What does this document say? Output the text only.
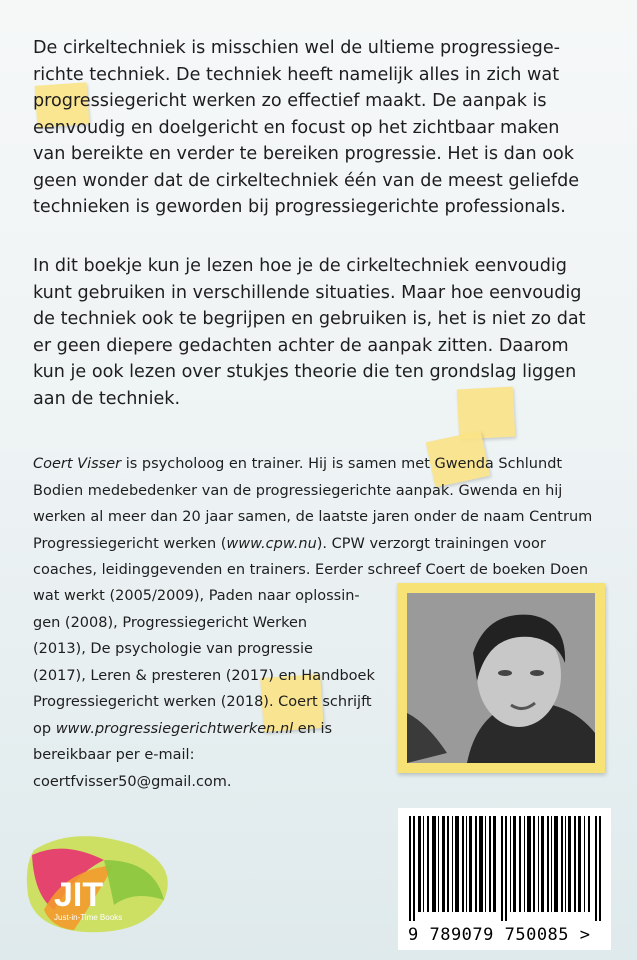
De cirkeltechniek is misschien wel de ultieme progressiege-
richte techniek. De techniek heeft namelijk alles in zich wat
progressiegericht werken zo effectief maakt. De aanpak is
eenvoudig en doelgericht en focust op het zichtbaar maken
van bereikte en verder te bereiken progressie. Het is dan ook
geen wonder dat de cirkeltechniek één van de meest geliefde
technieken is geworden bij progressiegerichte professionals.
In dit boekje kun je lezen hoe je de cirkeltechniek eenvoudig
kunt gebruiken in verschillende situaties. Maar hoe eenvoudig
de techniek ook te begrijpen en gebruiken is, het is niet zo dat
er geen diepere gedachten achter de aanpak zitten. Daarom
kun je ook lezen over stukjes theorie die ten grondslag liggen
aan de techniek.
Coert Visser is psycholoog en trainer. Hij is samen met Gwenda Schlundt
Bodien medebedenker van de progressiegerichte aanpak. Gwenda en hij
werken al meer dan 20 jaar samen, de laatste jaren onder de naam Centrum
Progressiegericht werken (www.cpw.nu). CPW verzorgt trainingen voor
coaches, leidinggevenden en trainers. Eerder schreef Coert de boeken Doen
wat werkt (2005/2009), Paden naar oplossin-
gen (2008), Progressiegericht Werken
(2013), De psychologie van progressie
(2017), Leren & presteren (2017) en Handboek
Progressiegericht werken (2018). Coert schrijft
op www.progressiegerichtwerken.nl en is
bereikbaar per e-mail:
coertfvisser50@gmail.com.
9 789079 750085 >
JIT
Just-in-Time Books
